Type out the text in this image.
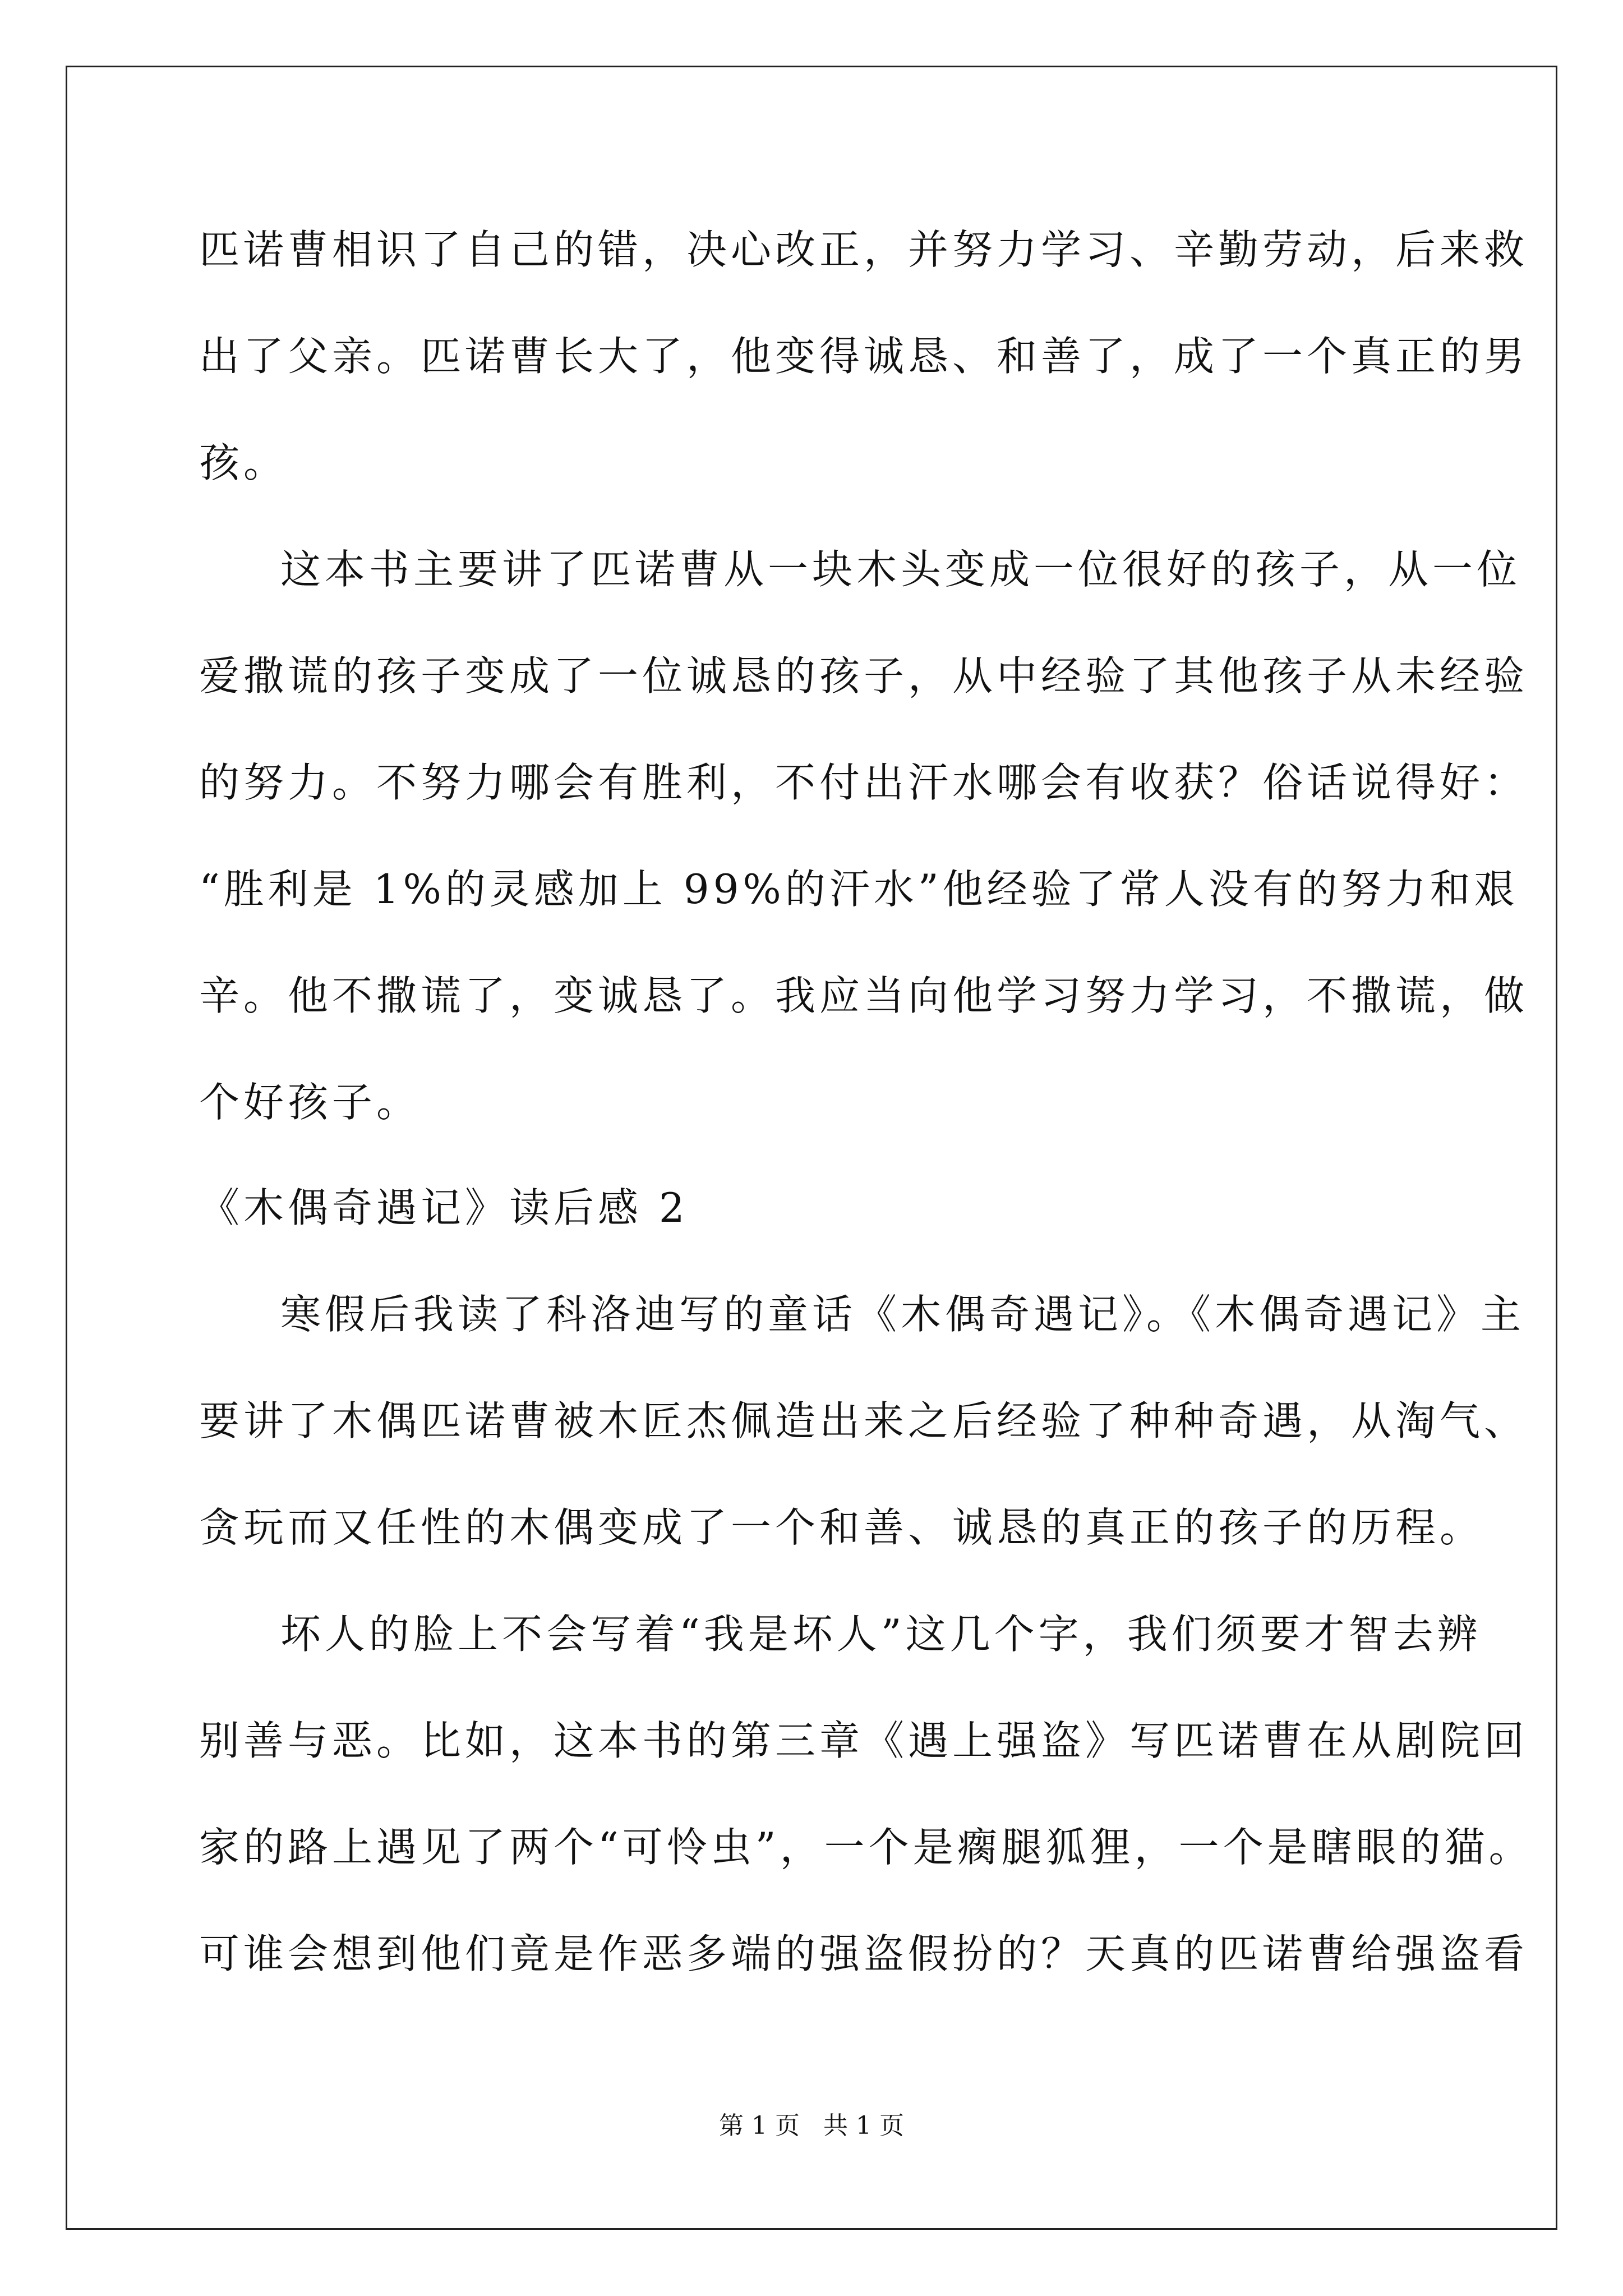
匹诺曹相识了自己的错，决心改正，并努力学习、辛勤劳动，后来救
出了父亲。匹诺曹长大了，他变得诚恳、和善了，成了一个真正的男
孩。
这本书主要讲了匹诺曹从一块木头变成一位很好的孩子，从一位
爱撒谎的孩子变成了一位诚恳的孩子，从中经验了其他孩子从未经验
的努力。不努力哪会有胜利，不付出汗水哪会有收获？俗话说得好：
“胜利是 1%的灵感加上 99%的汗水”他经验了常人没有的努力和艰
辛。他不撒谎了，变诚恳了。我应当向他学习努力学习，不撒谎，做
个好孩子。
《木偶奇遇记》读后感 2
寒假后我读了科洛迪写的童话《木偶奇遇记》。《木偶奇遇记》主
要讲了木偶匹诺曹被木匠杰佩造出来之后经验了种种奇遇，从淘气、
贪玩而又任性的木偶变成了一个和善、诚恳的真正的孩子的历程。
坏人的脸上不会写着“我是坏人”这几个字，我们须要才智去辨
别善与恶。比如，这本书的第三章《遇上强盗》写匹诺曹在从剧院回
家的路上遇见了两个“可怜虫”，一个是瘸腿狐狸，一个是瞎眼的猫。
可谁会想到他们竟是作恶多端的强盗假扮的？天真的匹诺曹给强盗看
第 1 页 共 1 页
